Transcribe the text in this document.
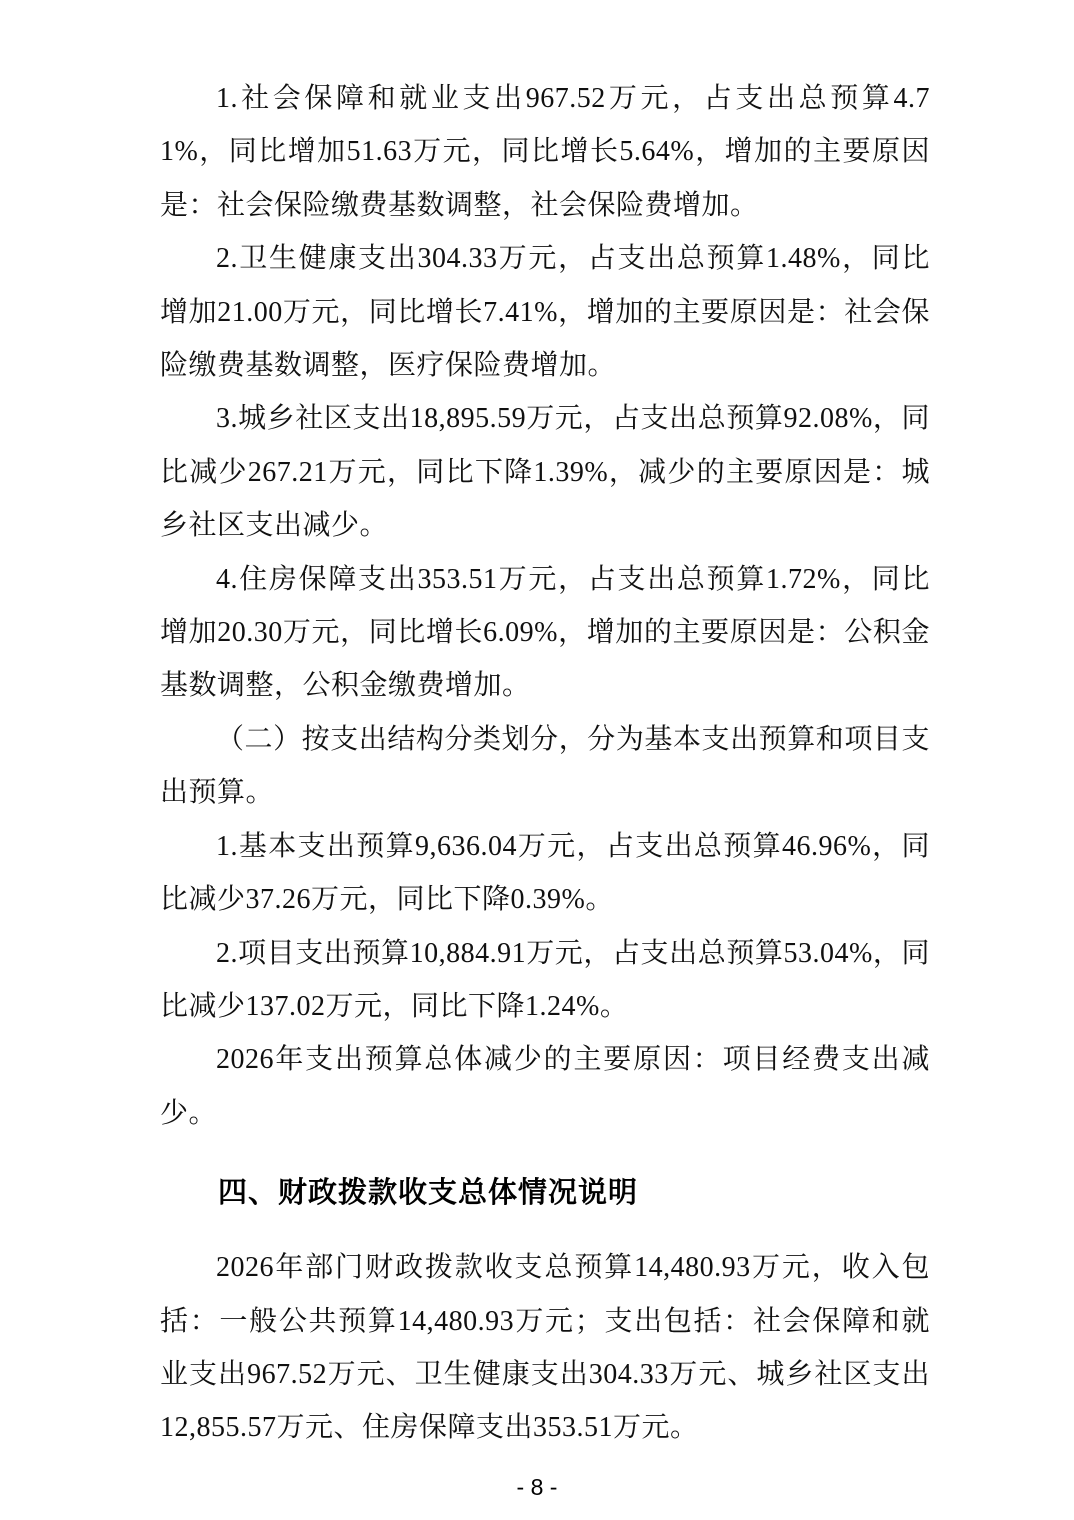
1.社会保障和就业支出967.52万元，占支出总预算4.71%，同比增加51.63万元，同比增长5.64%，增加的主要原因是：社会保险缴费基数调整，社会保险费增加。

2.卫生健康支出304.33万元，占支出总预算1.48%，同比增加21.00万元，同比增长7.41%，增加的主要原因是：社会保险缴费基数调整，医疗保险费增加。

3.城乡社区支出18,895.59万元，占支出总预算92.08%，同比减少267.21万元，同比下降1.39%，减少的主要原因是：城乡社区支出减少。

4.住房保障支出353.51万元，占支出总预算1.72%，同比增加20.30万元，同比增长6.09%，增加的主要原因是：公积金基数调整，公积金缴费增加。

（二）按支出结构分类划分，分为基本支出预算和项目支出预算。

1.基本支出预算9,636.04万元，占支出总预算46.96%，同比减少37.26万元，同比下降0.39%。

2.项目支出预算10,884.91万元，占支出总预算53.04%，同比减少137.02万元，同比下降1.24%。

2026年支出预算总体减少的主要原因：项目经费支出减少。

四、财政拨款收支总体情况说明

2026年部门财政拨款收支总预算14,480.93万元，收入包括：一般公共预算14,480.93万元；支出包括：社会保障和就业支出967.52万元、卫生健康支出304.33万元、城乡社区支出12,855.57万元、住房保障支出353.51万元。

- 8 -
